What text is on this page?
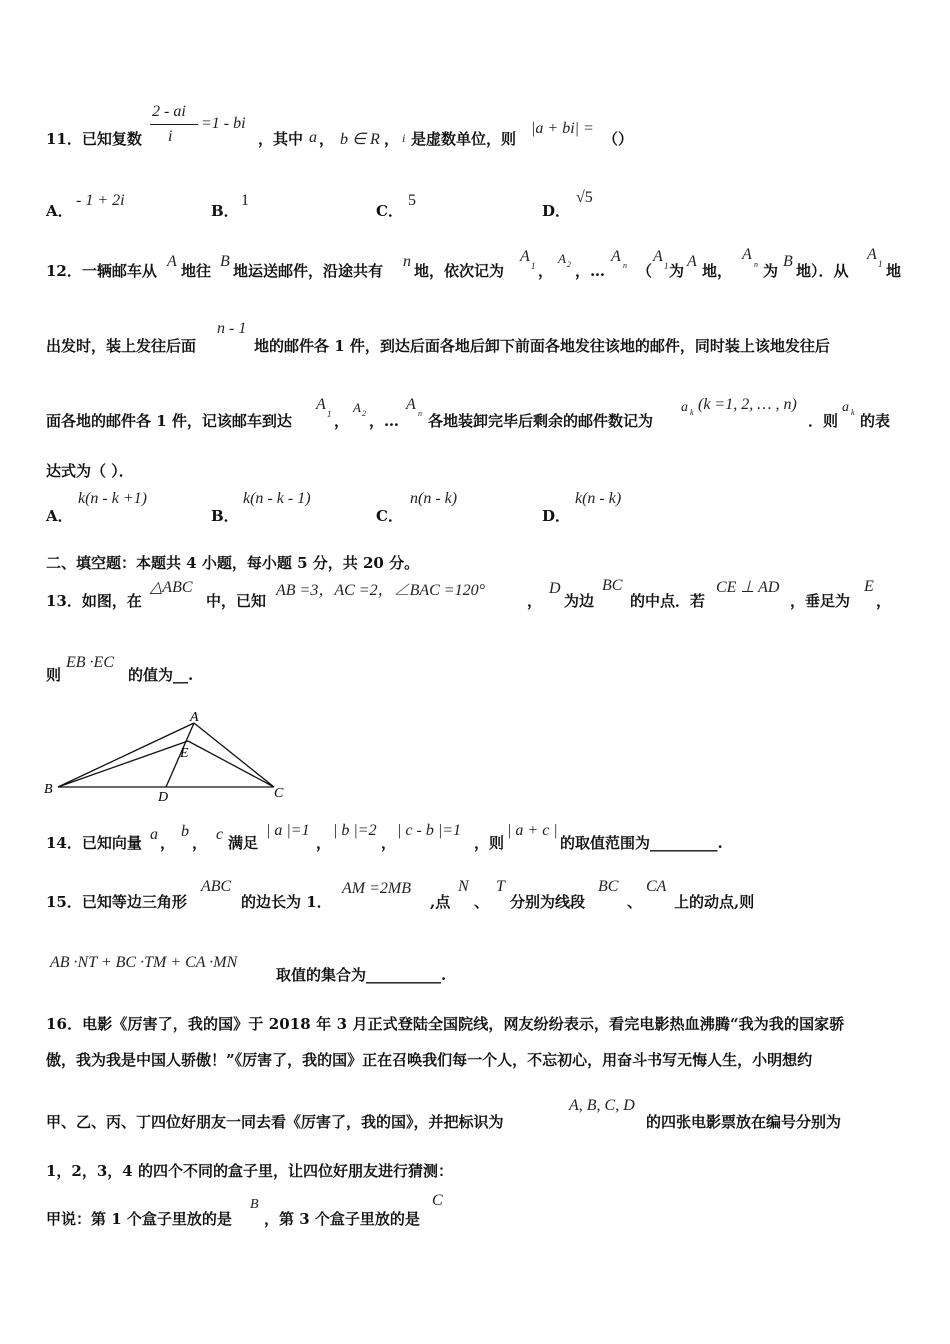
11．已知复数
2 - ai
i
=1 - bi
，其中 a ， b ∈ R ， i 是虚数单位，则
|a + bi| =
（）
A．
- 1 + 2i
B．
1
C．
5
D．
√5
12．一辆邮车从
A
地往
B
地运送邮件，沿途共有
n
地，依次记为
A
1 ，
A 2 ，…
A
n （
A
1 为
A
地，
A
n 为
B
地）．从
A
1 地
出发时，装上发往后面
n - 1
地的邮件各 1 件，到达后面各地后卸下前面各地发往该地的邮件，同时装上该地发往后
面各地的邮件各 1 件，记该邮车到达
A
1 ，
A 2 ，…
A
n 各地装卸完毕后剩余的邮件数记为
a k (k =1, 2, … , n)
．则
a k 的表
达式为（ ）．
A．
k(n - k +1)
B．
k(n - k - 1)
C．
n(n - k)
D．
k(n - k)
二、填空题：本题共 4 小题，每小题 5 分，共 20 分。
13．如图，在
△ABC
中，已知
AB =3，AC =2，∠BAC =120°
，
D
为边
BC
的中点．若
CE ⊥ AD
，垂足为
E
，
则
EB ·EC
的值为__.
A
B	C
D
E
14．已知向量 a ，
b
， c 满足
| a |=1
，
| b |=2
，
| c - b |=1
，则
| a + c |
的取值范围为_________.
15．已知等边三角形
ABC
的边长为 1．
AM =2MB
,点
N
、
T
分别为线段
BC
、
CA
上的动点,则
AB ·NT + BC ·TM + CA ·MN
取值的集合为__________.
16．电影《厉害了，我的国》于 2018 年 3 月正式登陆全国院线，网友纷纷表示，看完电影热血沸腾“我为我的国家骄
傲，我为我是中国人骄傲！”《厉害了，我的国》正在召唤我们每一个人，不忘初心，用奋斗书写无悔人生，小明想约
甲、乙、丙、丁四位好朋友一同去看《厉害了，我的国》，并把标识为
A, B, C, D
的四张电影票放在编号分别为
1，2，3，4 的四个不同的盒子里，让四位好朋友进行猜测：
甲说：第 1 个盒子里放的是
B
，第 3 个盒子里放的是
C
